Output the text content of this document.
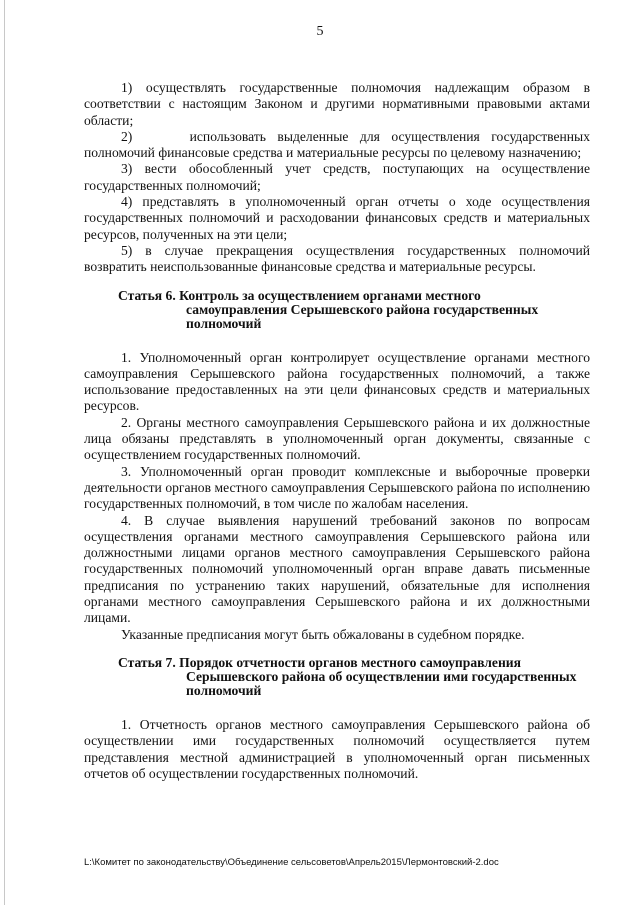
5

1) осуществлять государственные полномочия надлежащим образом в соответствии с настоящим Законом и другими нормативными правовыми актами области;

2)     использовать выделенные для осуществления государственных полномочий финансовые средства и материальные ресурсы по целевому назначению;

3) вести обособленный учет средств, поступающих на осуществление государственных полномочий;

4) представлять в уполномоченный орган отчеты о ходе осуществления государственных полномочий и расходовании финансовых средств и материальных ресурсов, полученных на эти цели;

5) в случае прекращения осуществления государственных полномочий возвратить неиспользованные финансовые средства и материальные ресурсы.

Статья 6. Контроль за осуществлением органами местного
самоуправления Серышевского района государственных полномочий

1. Уполномоченный орган контролирует осуществление органами местного самоуправления Серышевского района государственных полномочий, а также использование предоставленных на эти цели финансовых средств и материальных ресурсов.

2. Органы местного самоуправления Серышевского района и их должностные лица обязаны представлять в уполномоченный орган документы, связанные с осуществлением государственных полномочий.

3. Уполномоченный орган проводит комплексные и выборочные проверки деятельности органов местного самоуправления Серышевского района по исполнению государственных полномочий, в том числе по жалобам населения.

4. В случае выявления нарушений требований законов по вопросам осуществления органами местного самоуправления Серышевского района или должностными лицами органов местного самоуправления Серышевского района государственных полномочий уполномоченный орган вправе давать письменные предписания по устранению таких нарушений, обязательные для исполнения органами местного самоуправления Серышевского района и их должностными лицами.

Указанные предписания могут быть обжалованы в судебном порядке.

Статья 7. Порядок отчетности органов местного самоуправления
Серышевского района об осуществлении ими государственных полномочий

1. Отчетность органов местного самоуправления Серышевского района об осуществлении ими государственных полномочий осуществляется путем представления местной администрацией в уполномоченный орган письменных отчетов об осуществлении государственных полномочий.

L:\Комитет по законодательству\Объединение сельсоветов\Апрель2015\Лермонтовский-2.doc
